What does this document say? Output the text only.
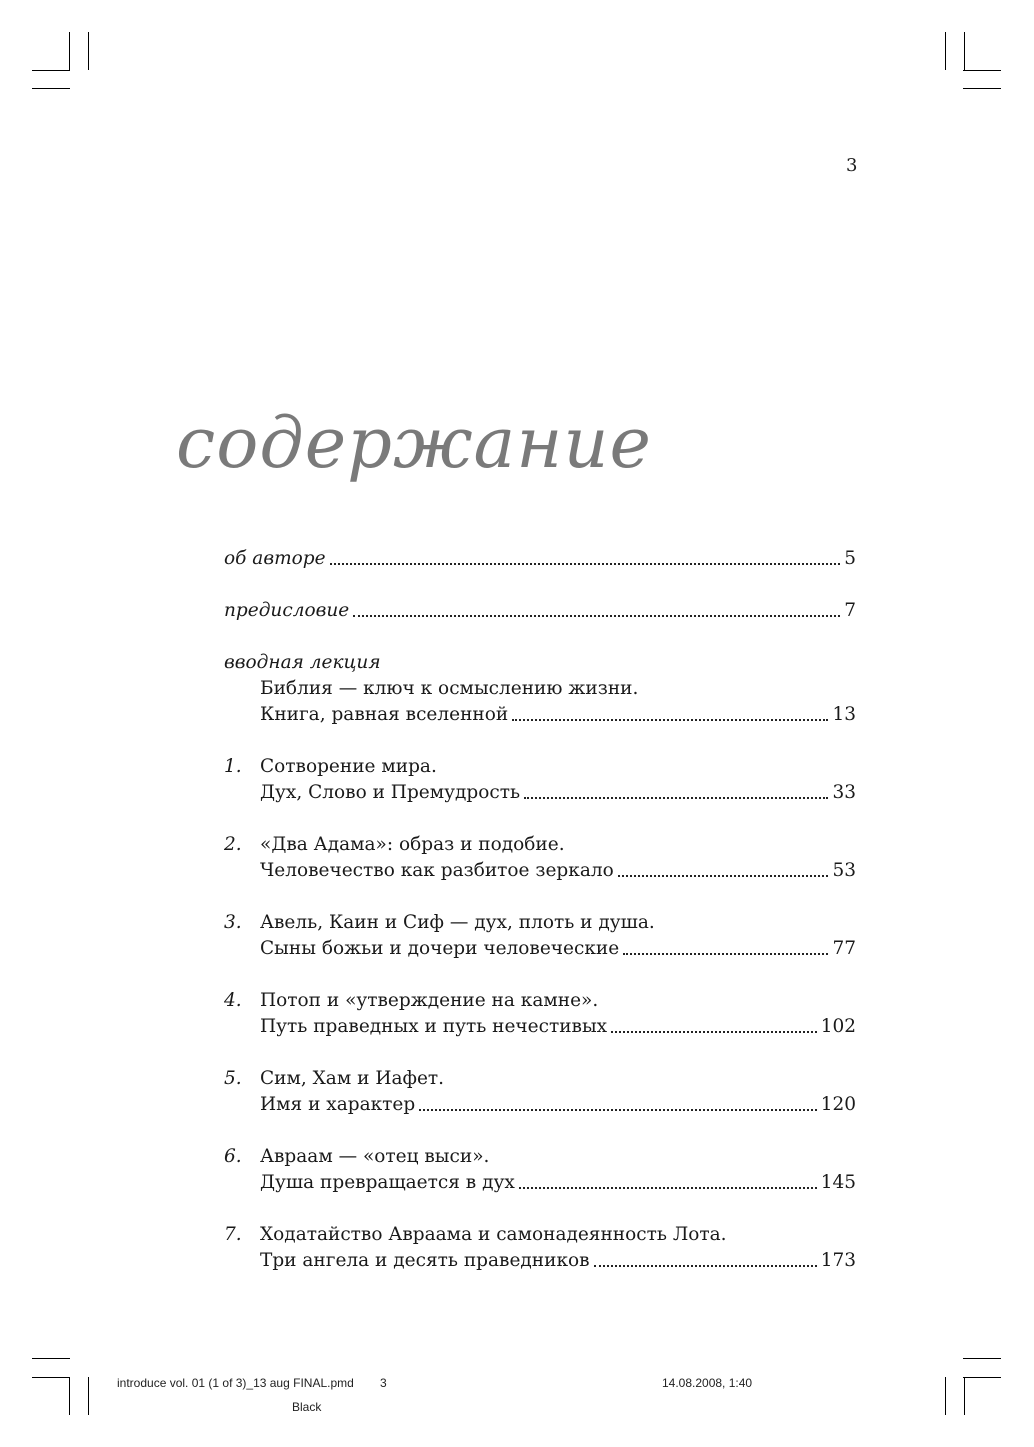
3
содержание
об авторе	5
предисловие	7
вводная лекция
Библия — ключ к осмыслению жизни.
Книга, равная вселенной	13
1. Сотворение мира.
Дух, Слово и Премудрость	33
2. «Два Адама»: образ и подобие.
Человечество как разбитое зеркало	53
3. Авель, Каин и Сиф — дух, плоть и душа.
Сыны божьи и дочери человеческие	77
4. Потоп и «утверждение на камне».
Путь праведных и путь нечестивых	102
5. Сим, Хам и Иафет.
Имя и характер	120
6. Авраам — «отец выси».
Душа превращается в дух	145
7. Ходатайство Авраама и самонадеянность Лота.
Три ангела и десять праведников	173
introduce vol. 01 (1 of 3)_13 aug FINAL.pmd 3	14.08.2008, 1:40
Black
